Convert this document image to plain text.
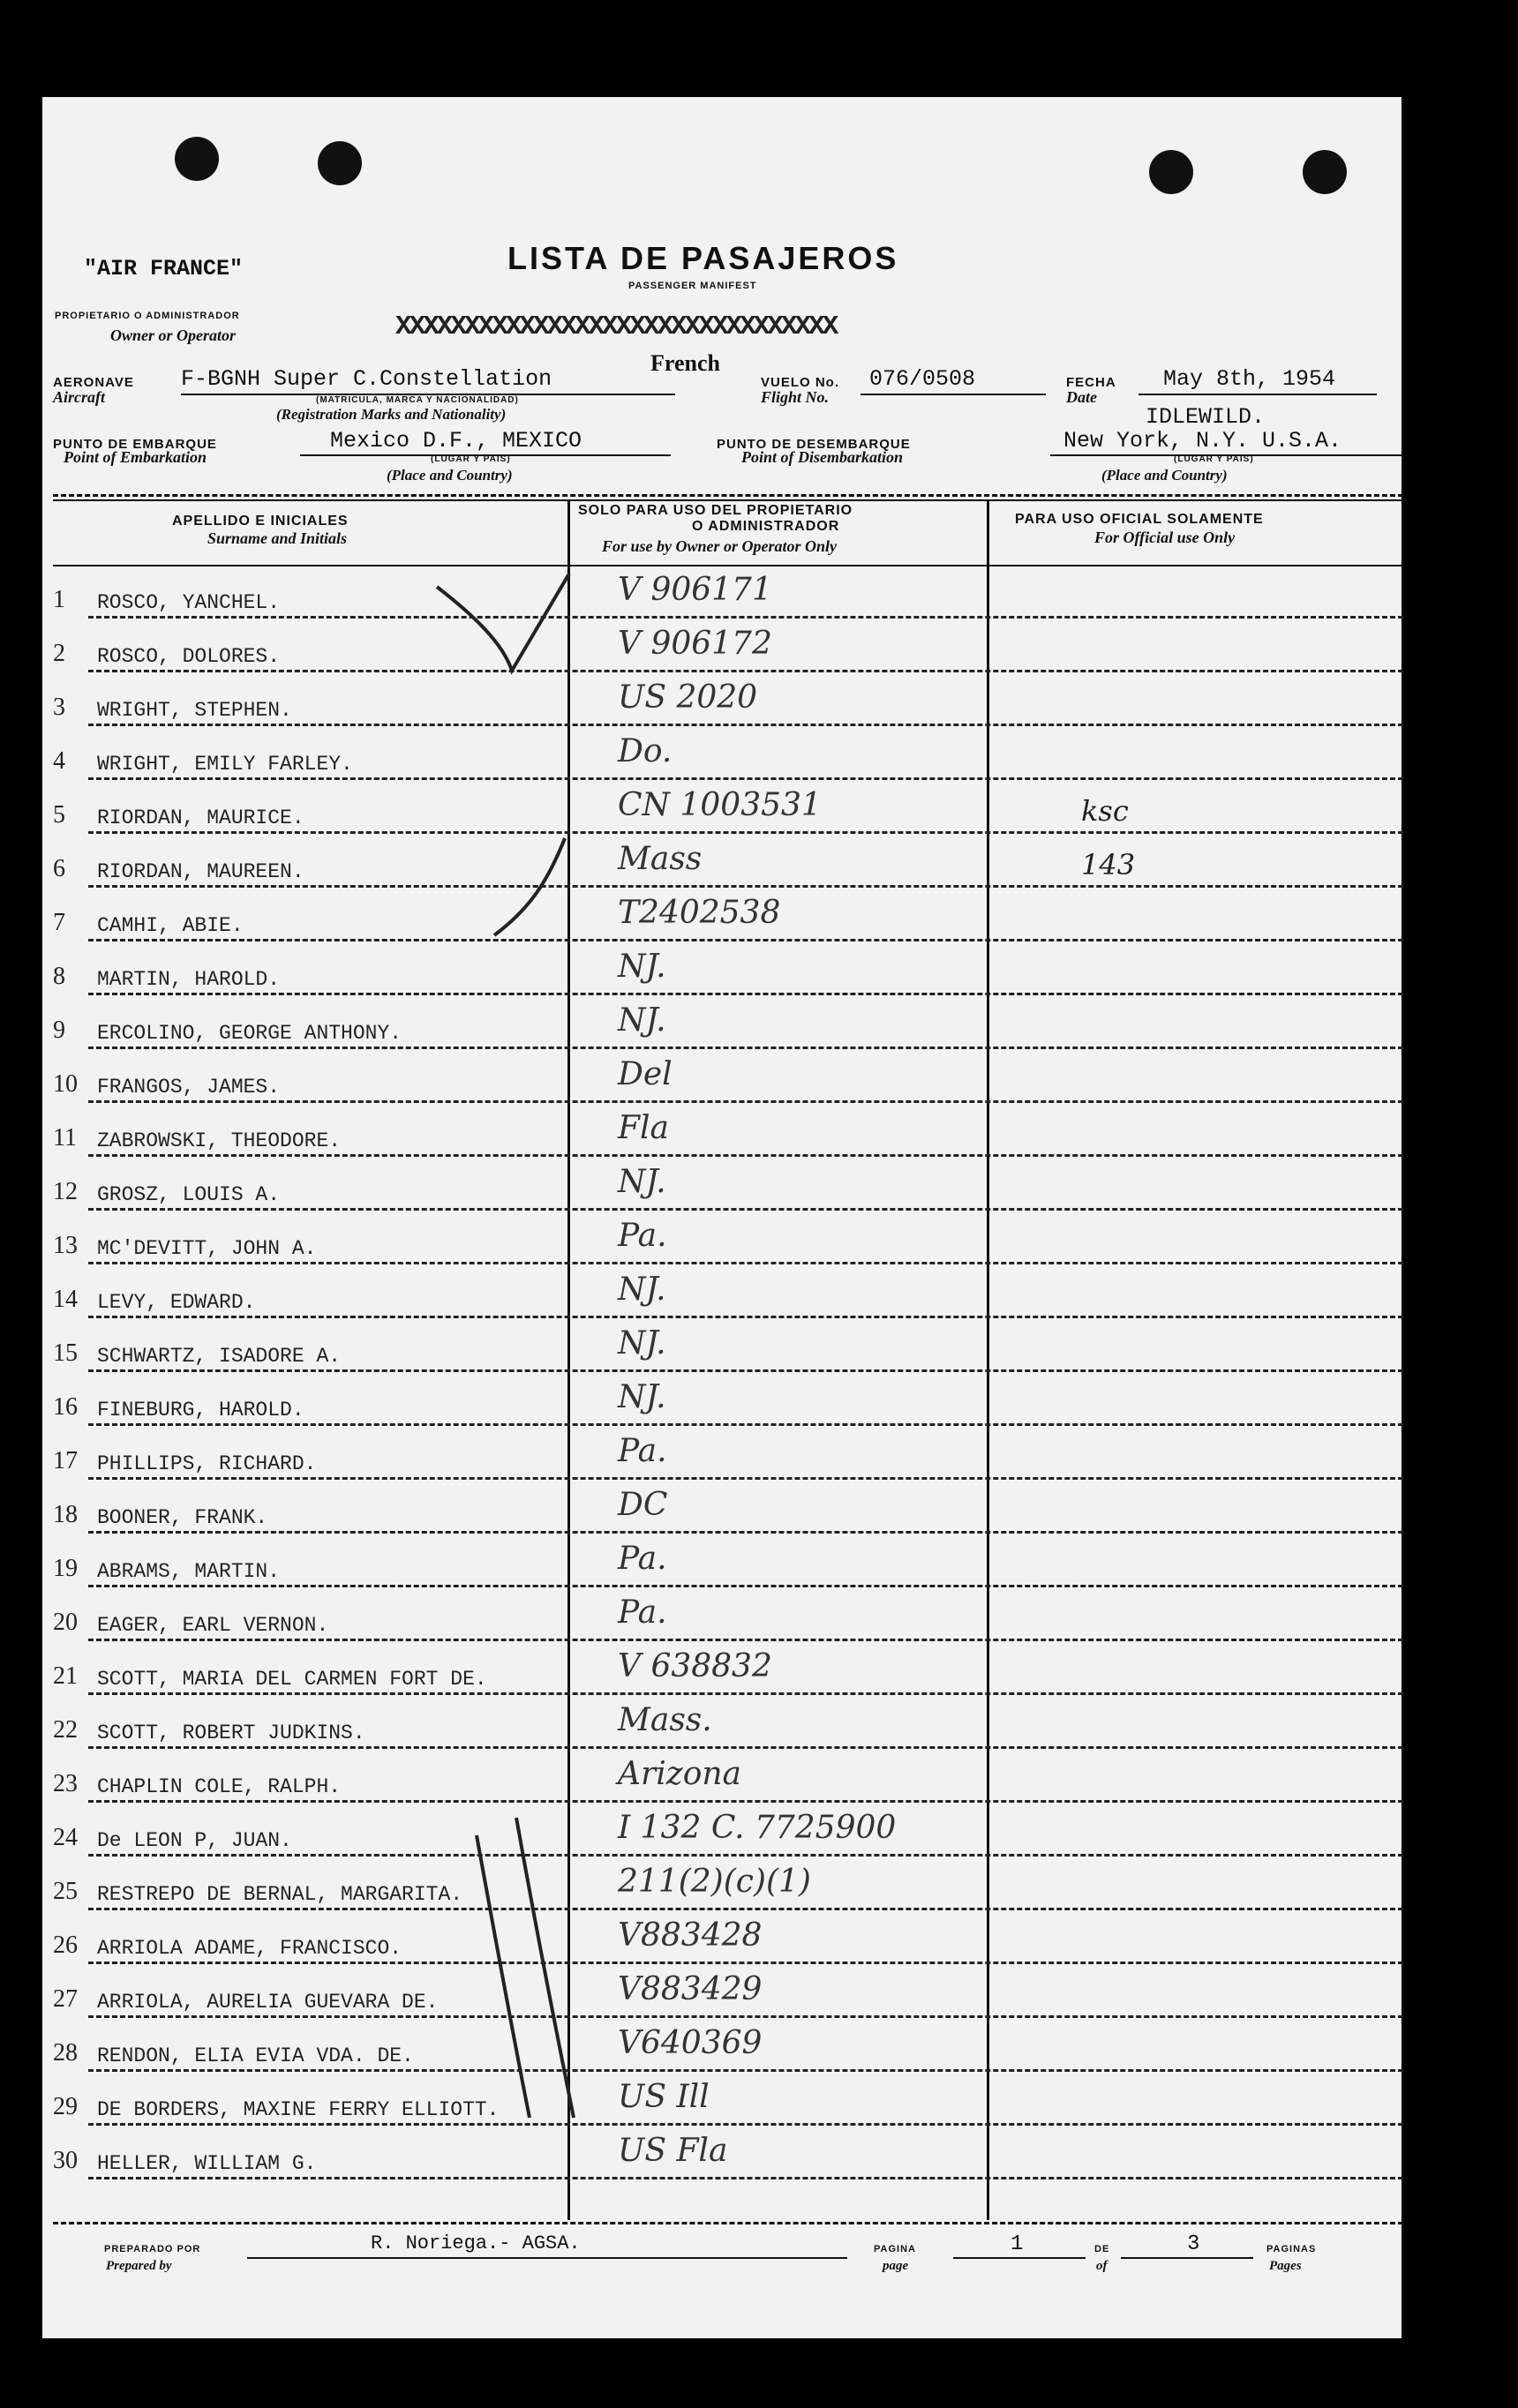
"AIR FRANCE"	LISTA DE PASAJEROS
PASSENGER MANIFEST
PROPIETARIO O ADMINISTRADOR
Owner or Operator	XXXXXXXXXXXXXXXXXXXXXXXXXXXXXXXX
French
AERONAVE
Aircraft
F-BGNH Super C.Constellation
(MATRICULA, MARCA Y NACIONALIDAD)
(Registration Marks and Nationality)
VUELO No.
Flight No.
076/0508	FECHA
Date
May 8th, 1954
IDLEWILD.
PUNTO DE EMBARQUE
Point of Embarkation
Mexico D.F., MEXICO
(LUGAR Y PAIS)
(Place and Country)
PUNTO DE DESEMBARQUE
Point of Disembarkation
New York, N.Y. U.S.A.
(LUGAR Y PAIS)
(Place and Country)
APELLIDO E INICIALES
Surname and Initials
SOLO PARA USO DEL PROPIETARIO
O ADMINISTRADOR
For use by Owner or Operator Only
PARA USO OFICIAL SOLAMENTE
For Official use Only
1	ROSCO, YANCHEL.	V 906171
2	ROSCO, DOLORES.	V 906172
3	WRIGHT, STEPHEN.	US 2020
4	WRIGHT, EMILY FARLEY.	Do.
5	RIORDAN, MAURICE.	CN 1003531	ksc
6	RIORDAN, MAUREEN.	Mass	143
7	CAMHI, ABIE.	T2402538
8	MARTIN, HAROLD.	NJ.
9	ERCOLINO, GEORGE ANTHONY.	NJ.
10 FRANGOS, JAMES.	Del
11	ZABROWSKI, THEODORE.	Fla
12 GROSZ, LOUIS A.	NJ.
13 MC'DEVITT, JOHN A.	Pa.
14 LEVY, EDWARD.	NJ.
15 SCHWARTZ, ISADORE A.	NJ.
16 FINEBURG, HAROLD.	NJ.
17 PHILLIPS, RICHARD.	Pa.
18 BOONER, FRANK.	DC
19 ABRAMS, MARTIN.	Pa.
20 EAGER, EARL VERNON.	Pa.
21 SCOTT, MARIA DEL CARMEN FORT DE.	V 638832
22 SCOTT, ROBERT JUDKINS.	Mass.
23 CHAPLIN COLE, RALPH.	Arizona
24 De LEON P, JUAN.	I 132 C. 7725900
25 RESTREPO DE BERNAL, MARGARITA.	211(2)(c)(1)
26 ARRIOLA ADAME, FRANCISCO.	V883428
27 ARRIOLA, AURELIA GUEVARA DE.	V883429
28 RENDON, ELIA EVIA VDA. DE.	V640369
29 DE BORDERS, MAXINE FERRY ELLIOTT.	US Ill
30 HELLER, WILLIAM G.	US Fla
PREPARADO POR
Prepared by
R. Noriega.- AGSA.	PAGINA
page
1	DE
of
3	PAGINAS
Pages
